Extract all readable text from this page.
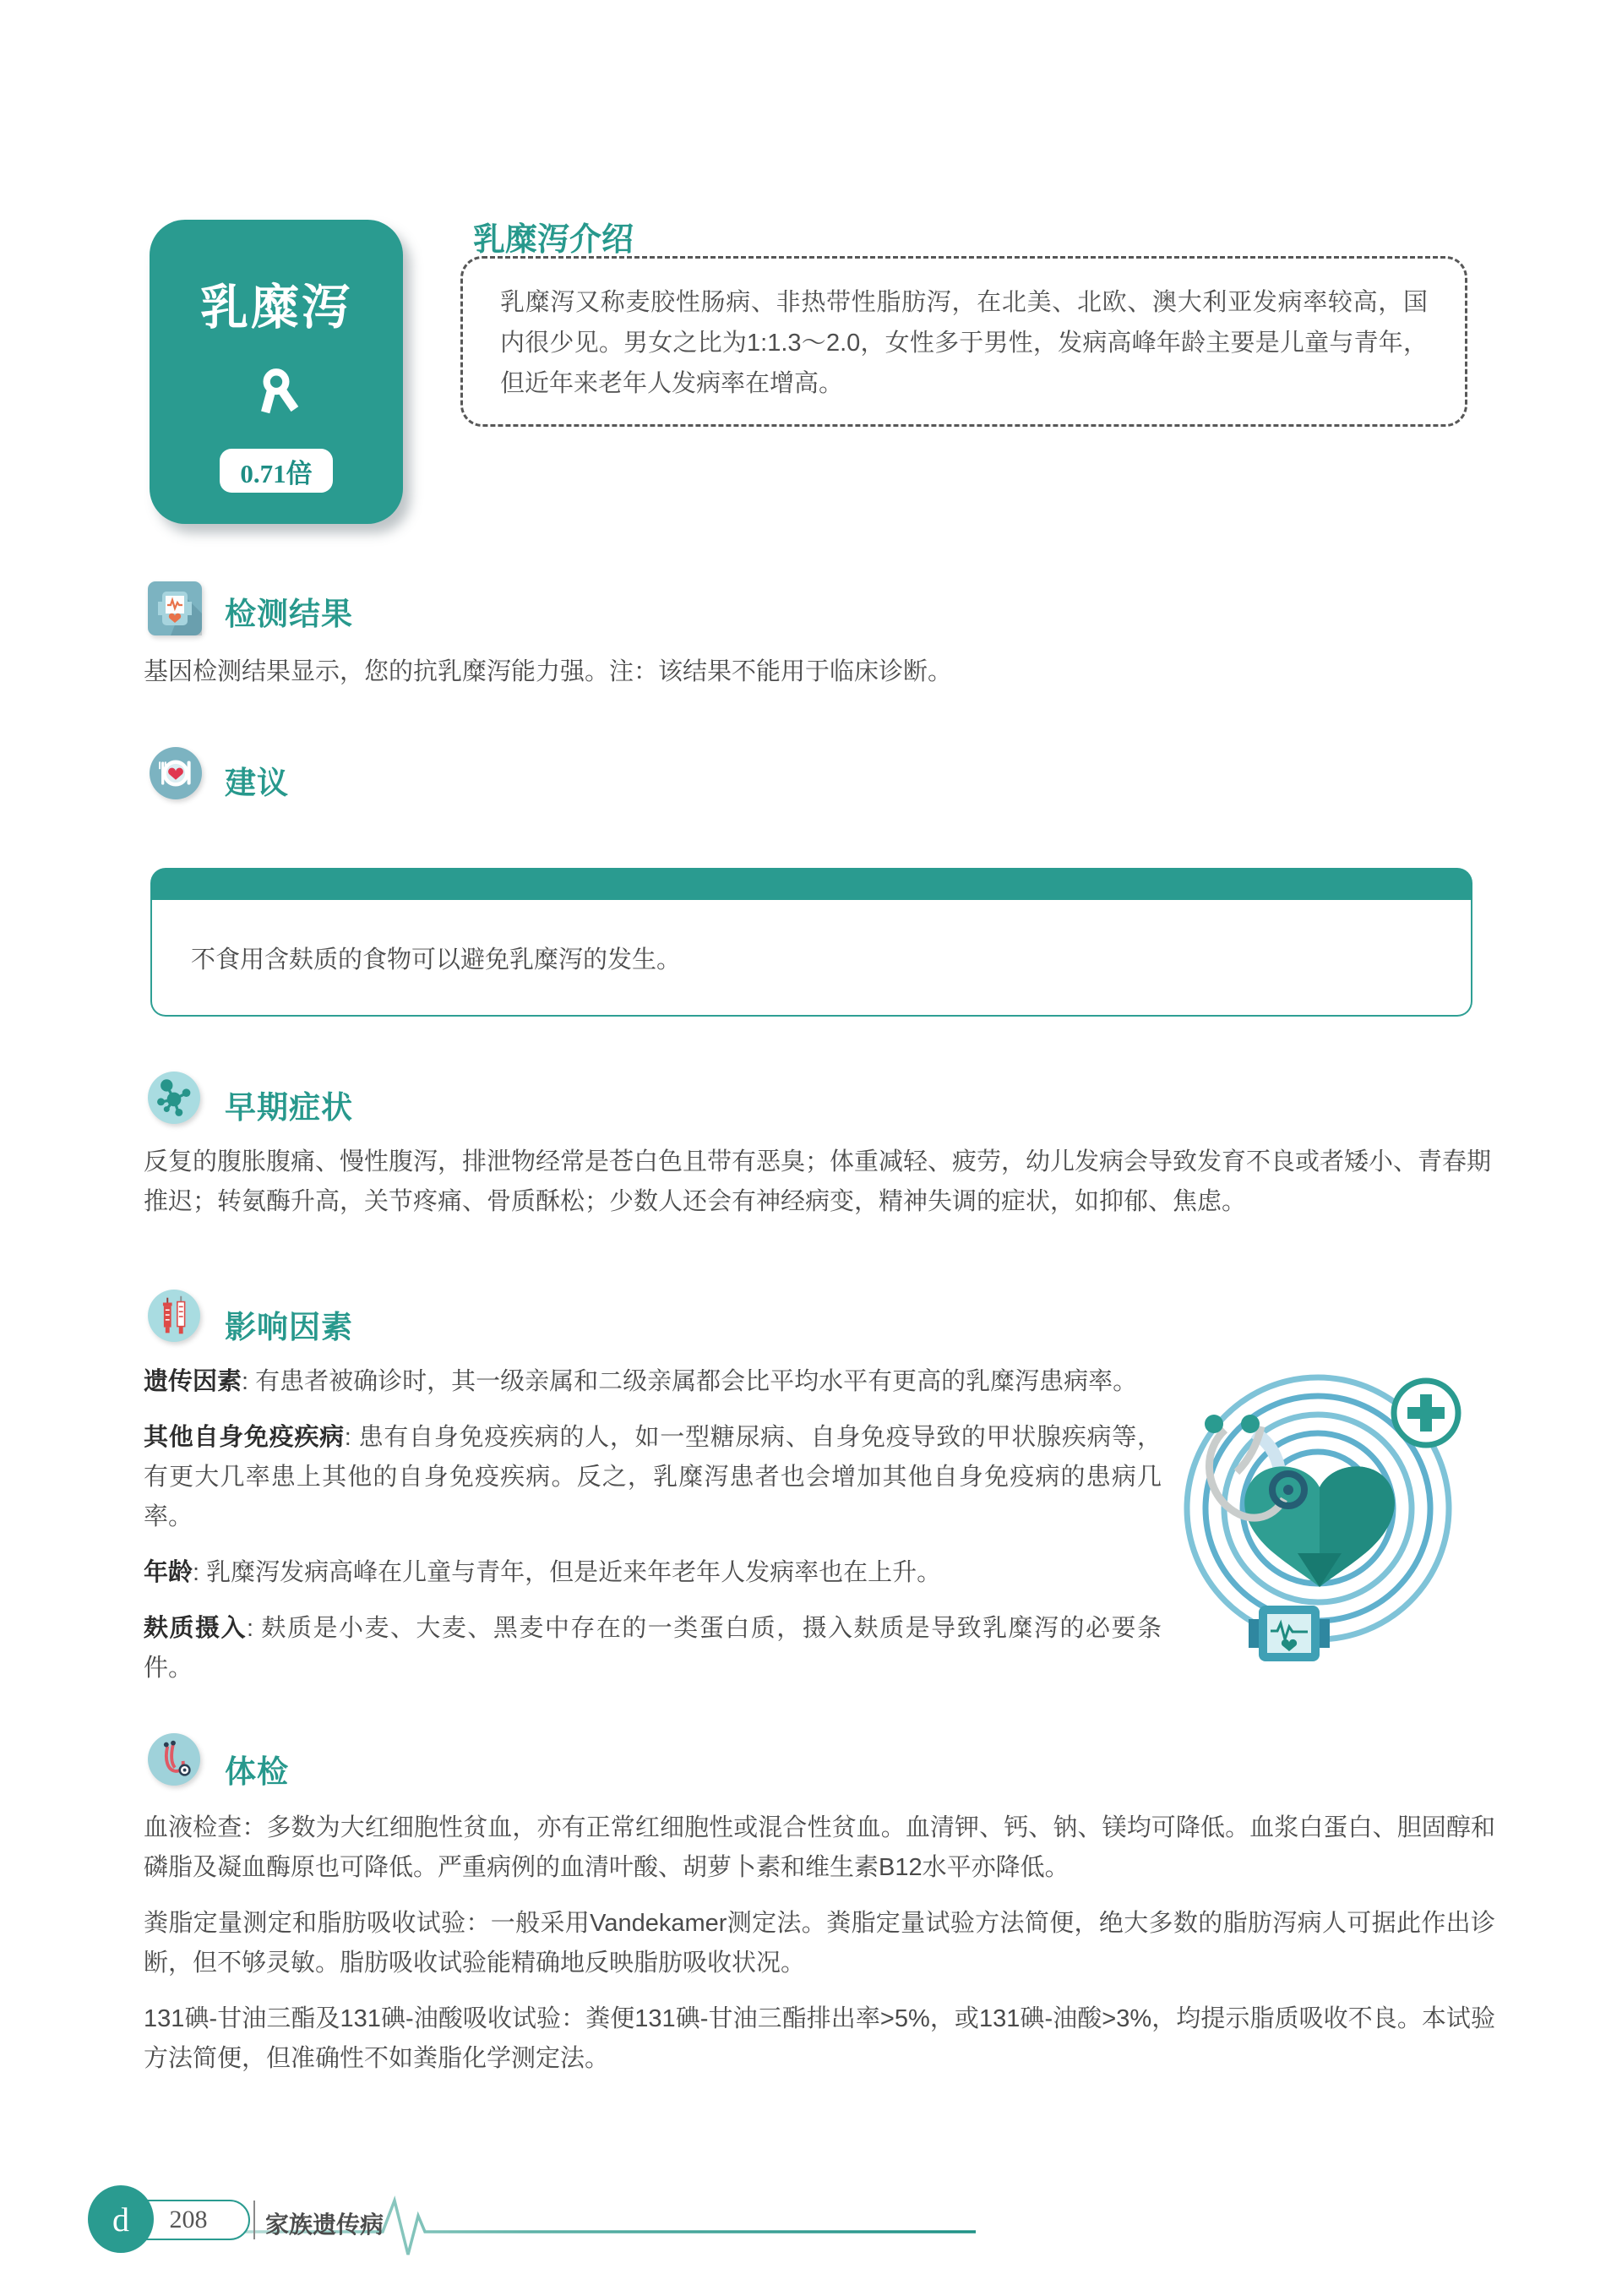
乳糜泻
0.71倍
乳糜泻介绍

乳糜泻又称麦胶性肠病、非热带性脂肪泻，在北美、北欧、澳大利亚发病率较高，国内很少见。男女之比为1:1.3～2.0，女性多于男性，发病高峰年龄主要是儿童与青年，但近年来老年人发病率在增高。

检测结果

基因检测结果显示，您的抗乳糜泻能力强。注：该结果不能用于临床诊断。

建议

不食用含麸质的食物可以避免乳糜泻的发生。

早期症状

反复的腹胀腹痛、慢性腹泻，排泄物经常是苍白色且带有恶臭；体重减轻、疲劳，幼儿发病会导致发育不良或者矮小、青春期推迟；转氨酶升高，关节疼痛、骨质酥松；少数人还会有神经病变，精神失调的症状，如抑郁、焦虑。

影响因素

遗传因素: 有患者被确诊时，其一级亲属和二级亲属都会比平均水平有更高的乳糜泻患病率。

其他自身免疫疾病: 患有自身免疫疾病的人，如一型糖尿病、自身免疫导致的甲状腺疾病等，有更大几率患上其他的自身免疫疾病。反之，乳糜泻患者也会增加其他自身免疫病的患病几率。

年龄: 乳糜泻发病高峰在儿童与青年，但是近来年老年人发病率也在上升。

麸质摄入: 麸质是小麦、大麦、黑麦中存在的一类蛋白质，摄入麸质是导致乳糜泻的必要条件。

体检

血液检查：多数为大红细胞性贫血，亦有正常红细胞性或混合性贫血。血清钾、钙、钠、镁均可降低。血浆白蛋白、胆固醇和磷脂及凝血酶原也可降低。严重病例的血清叶酸、胡萝卜素和维生素B12水平亦降低。

粪脂定量测定和脂肪吸收试验：一般采用Vandekamer测定法。粪脂定量试验方法简便，绝大多数的脂肪泻病人可据此作出诊断，但不够灵敏。脂肪吸收试验能精确地反映脂肪吸收状况。

131碘-甘油三酯及131碘-油酸吸收试验：粪便131碘-甘油三酯排出率>5%，或131碘-油酸>3%，均提示脂质吸收不良。本试验方法简便，但准确性不如粪脂化学测定法。

d 208 家族遗传病
